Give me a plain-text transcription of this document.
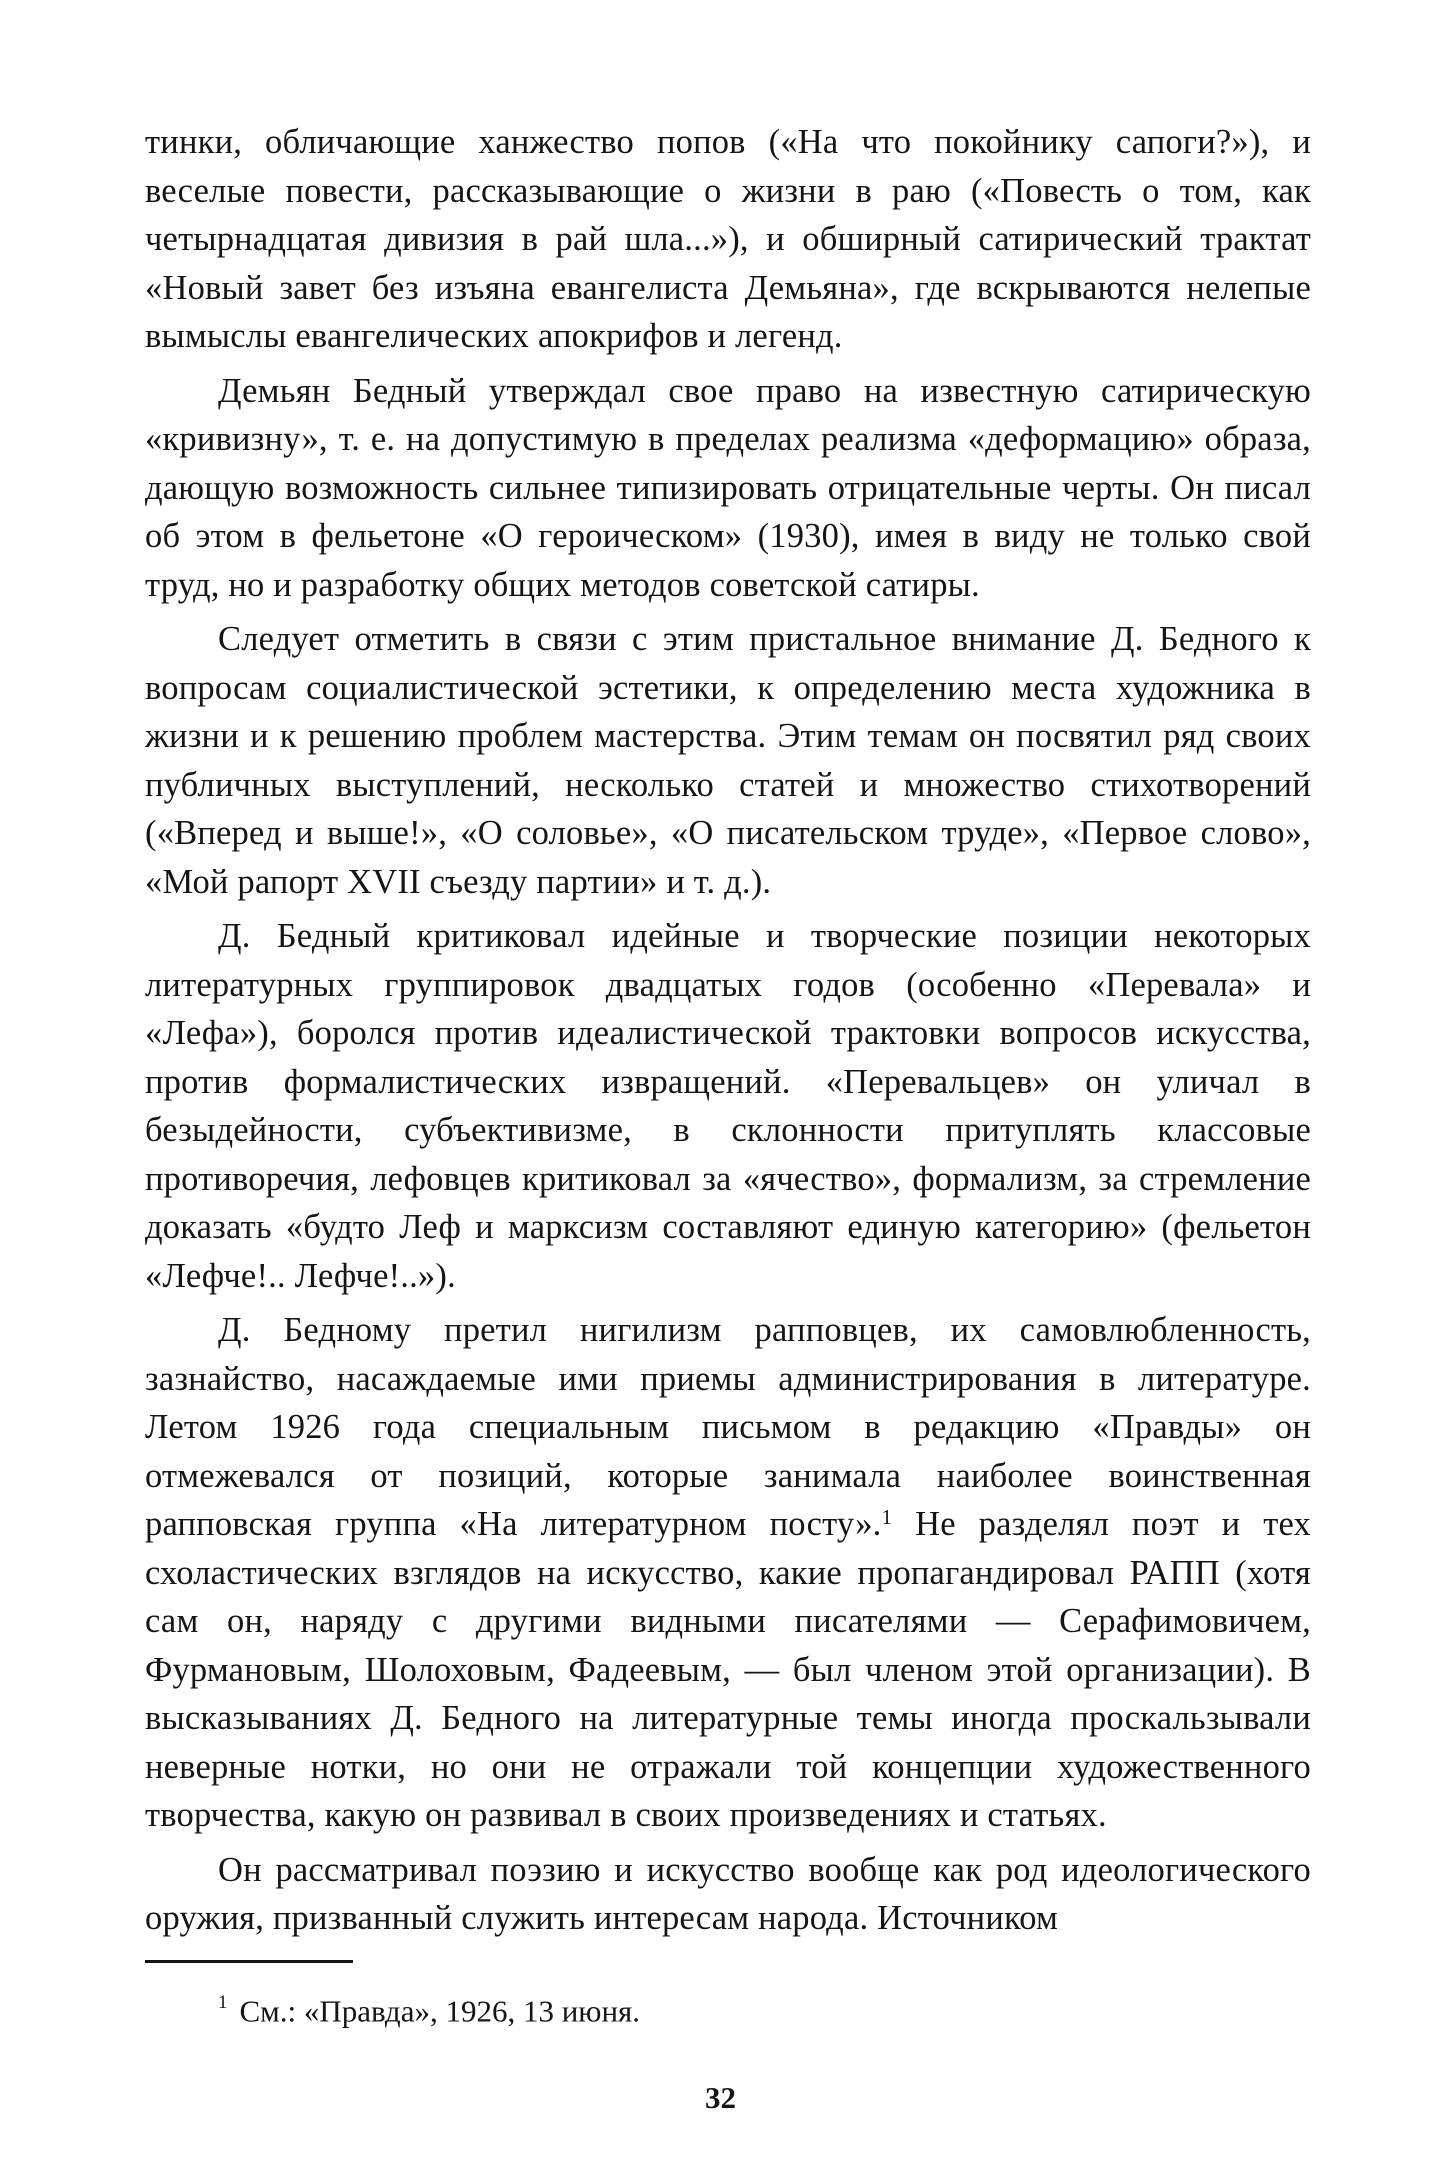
тинки, обличающие ханжество попов («На что покойнику сапоги?»), и веселые повести, рассказывающие о жизни в раю («Повесть о том, как четырнадцатая дивизия в рай шла...»), и обширный сатирический трактат «Новый завет без изъяна евангелиста Демьяна», где вскрываются нелепые вымыслы евангелических апокрифов и легенд.

Демьян Бедный утверждал свое право на известную сатирическую «кривизну», т. е. на допустимую в пределах реализма «деформацию» образа, дающую возможность сильнее типизировать отрицательные черты. Он писал об этом в фельетоне «О героическом» (1930), имея в виду не только свой труд, но и разработку общих методов советской сатиры.

Следует отметить в связи с этим пристальное внимание Д. Бедного к вопросам социалистической эстетики, к определению места художника в жизни и к решению проблем мастерства. Этим темам он посвятил ряд своих публичных выступлений, несколько статей и множество стихотворений («Вперед и выше!», «О соловье», «О писательском труде», «Первое слово», «Мой рапорт XVII съезду партии» и т. д.).

Д. Бедный критиковал идейные и творческие позиции некоторых литературных группировок двадцатых годов (особенно «Перевала» и «Лефа»), боролся против идеалистической трактовки вопросов искусства, против формалистических извращений. «Перевальцев» он уличал в безыдейности, субъективизме, в склонности притуплять классовые противоречия, лефовцев критиковал за «ячество», формализм, за стремление доказать «будто Леф и марксизм составляют единую категорию» (фельетон «Лефче!.. Лефче!..»).

Д. Бедному претил нигилизм рапповцев, их самовлюбленность, зазнайство, насаждаемые ими приемы администрирования в литературе. Летом 1926 года специальным письмом в редакцию «Правды» он отмежевался от позиций, которые занимала наиболее воинственная рапповская группа «На литературном посту».$^1$ Не разделял поэт и тех схоластических взглядов на искусство, какие пропагандировал РАПП (хотя сам он, наряду с другими видными писателями — Серафимовичем, Фурмановым, Шолоховым, Фадеевым, — был членом этой организации). В высказываниях Д. Бедного на литературные темы иногда проскальзывали неверные нотки, но они не отражали той концепции художественного творчества, какую он развивал в своих произведениях и статьях.

Он рассматривал поэзию и искусство вообще как род идеологического оружия, призванный служить интересам народа. Источником

$^1$ См.: «Правда», 1926, 13 июня.
32
